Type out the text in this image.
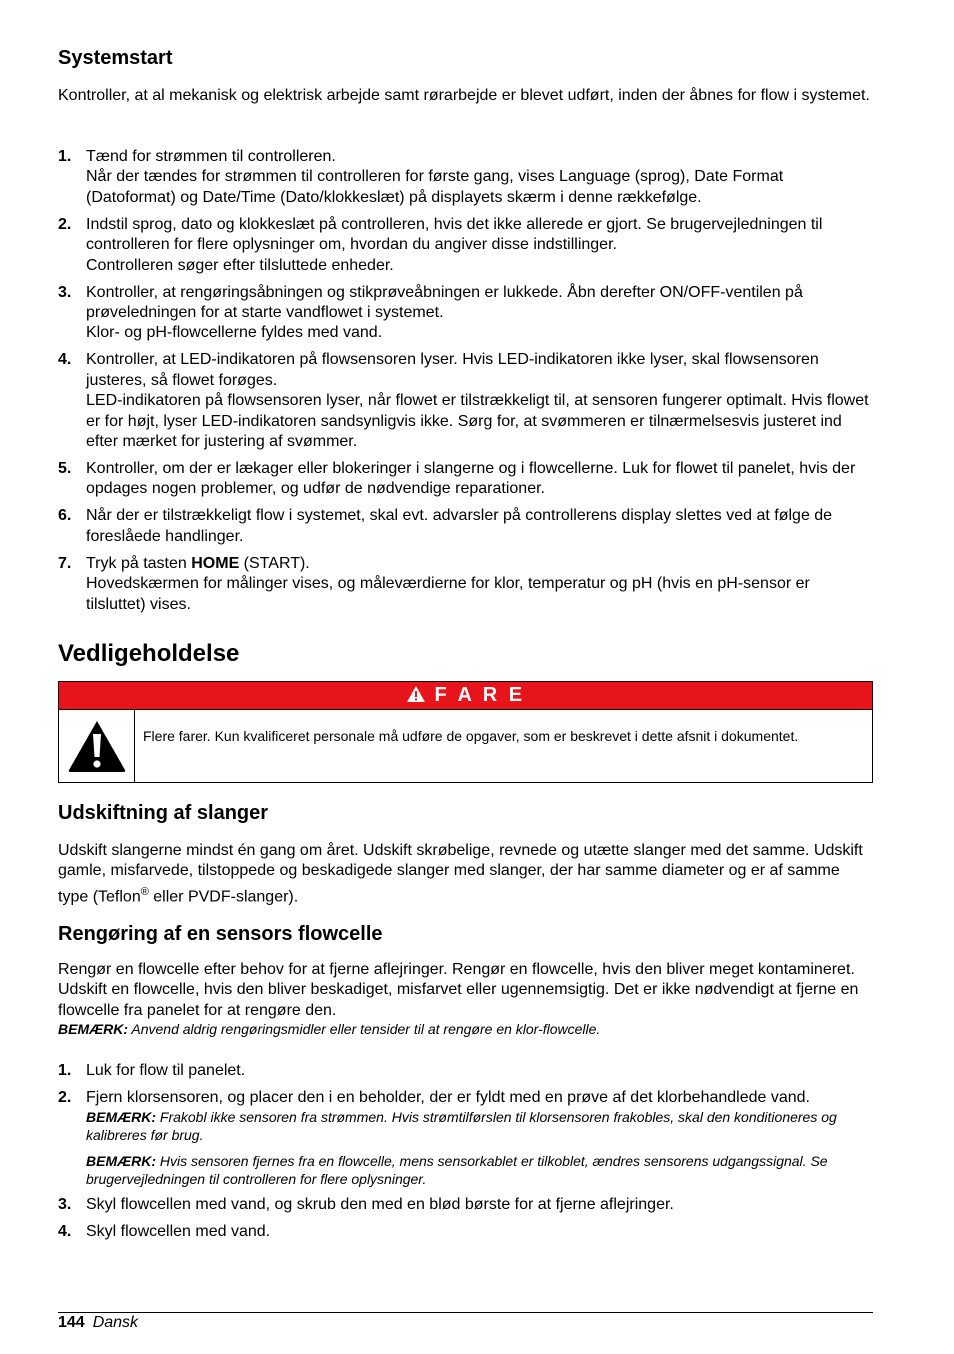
Systemstart

Kontroller, at al mekanisk og elektrisk arbejde samt rørarbejde er blevet udført, inden der åbnes for flow i systemet.

1. Tænd for strømmen til controlleren.
Når der tændes for strømmen til controlleren for første gang, vises Language (sprog), Date Format (Datoformat) og Date/Time (Dato/klokkeslæt) på displayets skærm i denne rækkefølge.
2. Indstil sprog, dato og klokkeslæt på controlleren, hvis det ikke allerede er gjort. Se brugervejledningen til controlleren for flere oplysninger om, hvordan du angiver disse indstillinger.
Controlleren søger efter tilsluttede enheder.
3. Kontroller, at rengøringsåbningen og stikprøveåbningen er lukkede. Åbn derefter ON/OFF-ventilen på prøveledningen for at starte vandflowet i systemet.
Klor- og pH-flowcellerne fyldes med vand.
4. Kontroller, at LED-indikatoren på flowsensoren lyser. Hvis LED-indikatoren ikke lyser, skal flowsensoren justeres, så flowet forøges.
LED-indikatoren på flowsensoren lyser, når flowet er tilstrækkeligt til, at sensoren fungerer optimalt. Hvis flowet er for højt, lyser LED-indikatoren sandsynligvis ikke. Sørg for, at svømmeren er tilnærmelsesvis justeret ind efter mærket for justering af svømmer.
5. Kontroller, om der er lækager eller blokeringer i slangerne og i flowcellerne. Luk for flowet til panelet, hvis der opdages nogen problemer, og udfør de nødvendige reparationer.
6. Når der er tilstrækkeligt flow i systemet, skal evt. advarsler på controllerens display slettes ved at følge de foreslåede handlinger.
7. Tryk på tasten HOME (START).
Hovedskærmen for målinger vises, og måleværdierne for klor, temperatur og pH (hvis en pH-sensor er tilsluttet) vises.
Vedligeholdelse
F A R E
Flere farer. Kun kvalificeret personale må udføre de opgaver, som er beskrevet i dette afsnit i dokumentet.
Udskiftning af slanger

Udskift slangerne mindst én gang om året. Udskift skrøbelige, revnede og utætte slanger med det samme. Udskift gamle, misfarvede, tilstoppede og beskadigede slanger med slanger, der har samme diameter og er af samme type (Teflon® eller PVDF-slanger).

Rengøring af en sensors flowcelle

Rengør en flowcelle efter behov for at fjerne aflejringer. Rengør en flowcelle, hvis den bliver meget kontamineret. Udskift en flowcelle, hvis den bliver beskadiget, misfarvet eller ugennemsigtig. Det er ikke nødvendigt at fjerne en flowcelle fra panelet for at rengøre den.

BEMÆRK: Anvend aldrig rengøringsmidler eller tensider til at rengøre en klor-flowcelle.
1. Luk for flow til panelet.
2. Fjern klorsensoren, og placer den i en beholder, der er fyldt med en prøve af det klorbehandlede vand.
BEMÆRK: Frakobl ikke sensoren fra strømmen. Hvis strømtilførslen til klorsensoren frakobles, skal den konditioneres og kalibreres før brug.
BEMÆRK: Hvis sensoren fjernes fra en flowcelle, mens sensorkablet er tilkoblet, ændres sensorens udgangssignal. Se brugervejledningen til controlleren for flere oplysninger.
3. Skyl flowcellen med vand, og skrub den med en blød børste for at fjerne aflejringer.
4. Skyl flowcellen med vand.
144 Dansk
